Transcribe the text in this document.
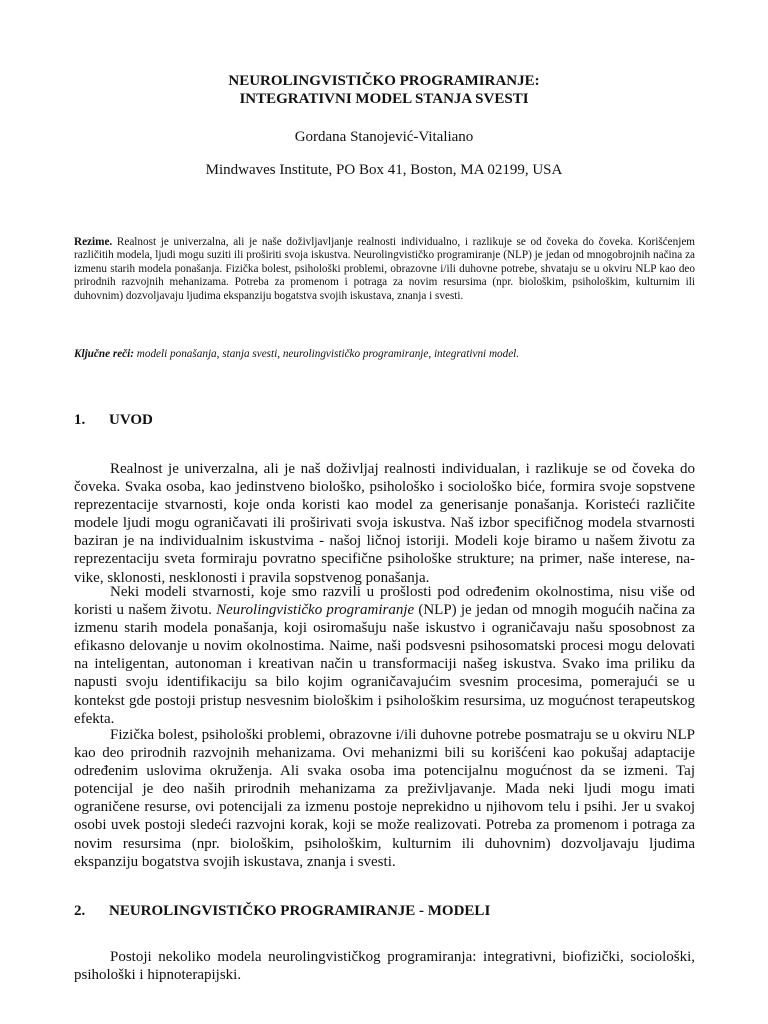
NEUROLINGVISTIČKO PROGRAMIRANJE:
INTEGRATIVNI MODEL STANJA SVESTI
Gordana Stanojević-Vitaliano
Mindwaves Institute, PO Box 41, Boston, MA 02199, USA
Rezime. Realnost je univerzalna, ali je naše doživljavljanje realnosti individualno, i razlikuje se od čoveka do čoveka. Korišćenjem različitih modela, ljudi mogu suziti ili proširiti svoja iskustva. Neurolingvističko programiranje (NLP) je jedan od mnogobrojnih načina za izmenu starih modela ponašanja. Fizička bolest, psihološki problemi, obrazovne i/ili duhovne potrebe, shvataju se u okviru NLP kao deo prirodnih razvojnih mehanizama. Potreba za promenom i potraga za novim resursima (npr. biološkim, psihološkim, kulturnim ili duhovnim) dozvoljavaju ljudima ekspanziju bogatstva svojih iskustava, znanja i svesti.
Ključne reči: modeli ponašanja, stanja svesti, neurolingvističko programiranje, integrativni model.
1. UVOD
Realnost je univerzalna, ali je naš doživljaj realnosti individualan, i razlikuje se od čoveka do čoveka. Svaka osoba, kao jedinstveno biološko, psihološko i sociološko biće, formira svoje sopstvene reprezentacije stvarnosti, koje onda koristi kao model za generisanje ponašanja. Koristeći različite modele ljudi mogu ograničavati ili proširivati svoja iskustva. Naš izbor specifičnog modela stvarnosti baziran je na individualnim iskustvima - našoj ličnoj istoriji. Modeli koje biramo u našem životu za reprezentaciju sveta formiraju povratno specifične psihološke strukture; na primer, naše interese, na-vike, sklonosti, nesklonosti i pravila sopstvenog ponašanja.
Neki modeli stvarnosti, koje smo razvili u prošlosti pod određenim okolnostima, nisu više od koristi u našem životu. Neurolingvističko programiranje (NLP) je jedan od mnogih mogućih načina za izmenu starih modela ponašanja, koji osiromašuju naše iskustvo i ograničavaju našu sposobnost za efikasno delovanje u novim okolnostima. Naime, naši podsvesni psihosomatski procesi mogu delovati na inteligentan, autonoman i kreativan način u transformaciji našeg iskustva. Svako ima priliku da napusti svoju identifikaciju sa bilo kojim ograničavajućim svesnim procesima, pomerajući se u kontekst gde postoji pristup nesvesnim biološkim i psihološkim resursima, uz mogućnost terapeutskog efekta.
Fizička bolest, psihološki problemi, obrazovne i/ili duhovne potrebe posmatraju se u okviru NLP kao deo prirodnih razvojnih mehanizama. Ovi mehanizmi bili su korišćeni kao pokušaj adaptacije određenim uslovima okruženja. Ali svaka osoba ima potencijalnu mogućnost da se izmeni. Taj potencijal je deo naših prirodnih mehanizama za preživljavanje. Mada neki ljudi mogu imati ograničene resurse, ovi potencijali za izmenu postoje neprekidno u njihovom telu i psihi. Jer u svakoj osobi uvek postoji sledeći razvojni korak, koji se može realizovati. Potreba za promenom i potraga za novim resursima (npr. biološkim, psihološkim, kulturnim ili duhovnim) dozvoljavaju ljudima ekspanziju bogatstva svojih iskustava, znanja i svesti.
2. NEUROLINGVISTIČKO PROGRAMIRANJE - MODELI
Postoji nekoliko modela neurolingvističkog programiranja: integrativni, biofizički, sociološki, psihološki i hipnoterapijski.
